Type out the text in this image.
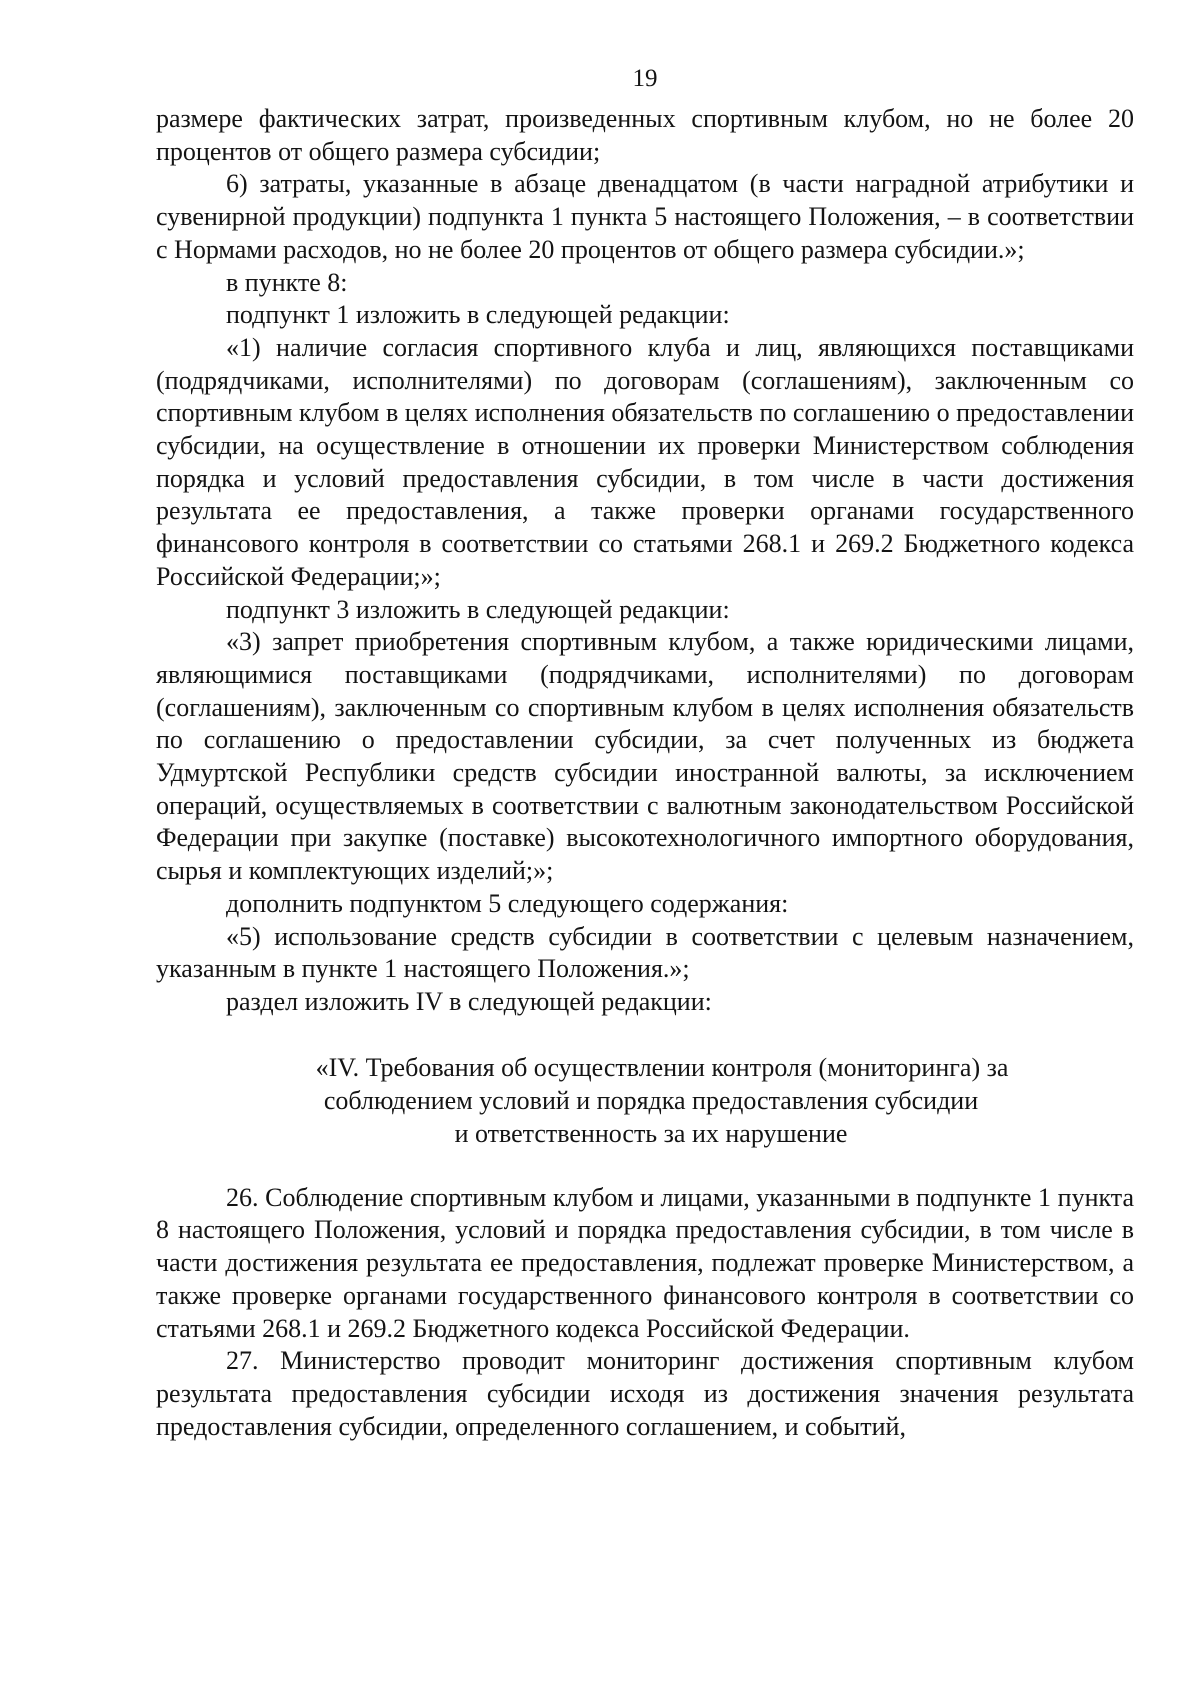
19

размере фактических затрат, произведенных спортивным клубом, но не более 20 процентов от общего размера субсидии;

6) затраты, указанные в абзаце двенадцатом (в части наградной атрибутики и сувенирной продукции) подпункта 1 пункта 5 настоящего Положения, – в соответствии с Нормами расходов, но не более 20 процентов от общего размера субсидии.»;

в пункте 8:

подпункт 1 изложить в следующей редакции:

«1) наличие согласия спортивного клуба и лиц, являющихся поставщиками (подрядчиками, исполнителями) по договорам (соглашениям), заключенным со спортивным клубом в целях исполнения обязательств по соглашению о предоставлении субсидии, на осуществление в отношении их проверки Министерством соблюдения порядка и условий предоставления субсидии, в том числе в части достижения результата ее предоставления, а также проверки органами государственного финансового контроля в соответствии со статьями 268.1 и 269.2 Бюджетного кодекса Российской Федерации;»;

подпункт 3 изложить в следующей редакции:

«3) запрет приобретения спортивным клубом, а также юридическими лицами, являющимися поставщиками (подрядчиками, исполнителями) по договорам (соглашениям), заключенным со спортивным клубом в целях исполнения обязательств по соглашению о предоставлении субсидии, за счет полученных из бюджета Удмуртской Республики средств субсидии иностранной валюты, за исключением операций, осуществляемых в соответствии с валютным законодательством Российской Федерации при закупке (поставке) высокотехнологичного импортного оборудования, сырья и комплектующих изделий;»;

дополнить подпунктом 5 следующего содержания:

«5) использование средств субсидии в соответствии с целевым назначением, указанным в пункте 1 настоящего Положения.»;

раздел изложить IV в следующей редакции:

«IV. Требования об осуществлении контроля (мониторинга) за
соблюдением условий и порядка предоставления субсидии
и ответственность за их нарушение

26. Соблюдение спортивным клубом и лицами, указанными в подпункте 1 пункта 8 настоящего Положения, условий и порядка предоставления субсидии, в том числе в части достижения результата ее предоставления, подлежат проверке Министерством, а также проверке органами государственного финансового контроля в соответствии со статьями 268.1 и 269.2 Бюджетного кодекса Российской Федерации.

27. Министерство проводит мониторинг достижения спортивным клубом результата предоставления субсидии исходя из достижения значения результата предоставления субсидии, определенного соглашением, и событий,
